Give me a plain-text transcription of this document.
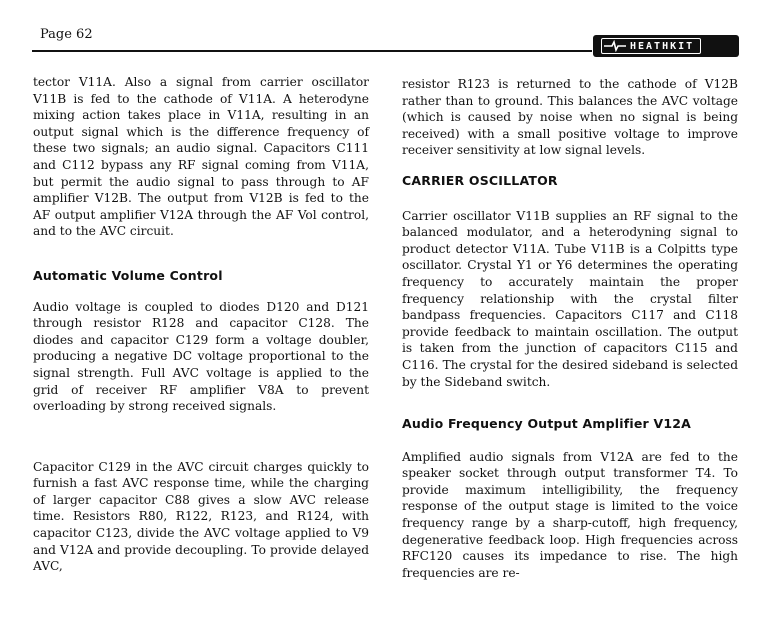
Page 62
HEATHKIT

tector V11A. Also a signal from carrier oscillator V11B is fed to the cathode of V11A. A heterodyne mixing action takes place in V11A, resulting in an output signal which is the difference frequency of these two signals; an audio signal. Capacitors C111 and C112 bypass any RF signal coming from V11A, but permit the audio signal to pass through to AF amplifier V12B. The output from V12B is fed to the AF output amplifier V12A through the AF Vol control, and to the AVC circuit.

Automatic Volume Control

Audio voltage is coupled to diodes D120 and D121 through resistor R128 and capacitor C128. The diodes and capacitor C129 form a voltage doubler, producing a negative DC voltage proportional to the signal strength. Full AVC voltage is applied to the grid of receiver RF amplifier V8A to prevent overloading by strong received signals.

Capacitor C129 in the AVC circuit charges quickly to furnish a fast AVC response time, while the charging of larger capacitor C88 gives a slow AVC release time. Resistors R80, R122, R123, and R124, with capacitor C123, divide the AVC voltage applied to V9 and V12A and provide decoupling. To provide delayed AVC,

resistor R123 is returned to the cathode of V12B rather than to ground. This balances the AVC voltage (which is caused by noise when no signal is being received) with a small positive voltage to improve receiver sensitivity at low signal levels.

CARRIER OSCILLATOR

Carrier oscillator V11B supplies an RF signal to the balanced modulator, and a heterodyning signal to product detector V11A. Tube V11B is a Colpitts type oscillator. Crystal Y1 or Y6 determines the operating frequency to accurately maintain the proper frequency relationship with the crystal filter bandpass frequencies. Capacitors C117 and C118 provide feedback to maintain oscillation. The output is taken from the junction of capacitors C115 and C116. The crystal for the desired sideband is selected by the Sideband switch.

Audio Frequency Output Amplifier V12A

Amplified audio signals from V12A are fed to the speaker socket through output transformer T4. To provide maximum intelligibility, the frequency response of the output stage is limited to the voice frequency range by a sharp-cutoff, high frequency, degenerative feedback loop. High frequencies across RFC120 causes its impedance to rise. The high frequencies are re-
